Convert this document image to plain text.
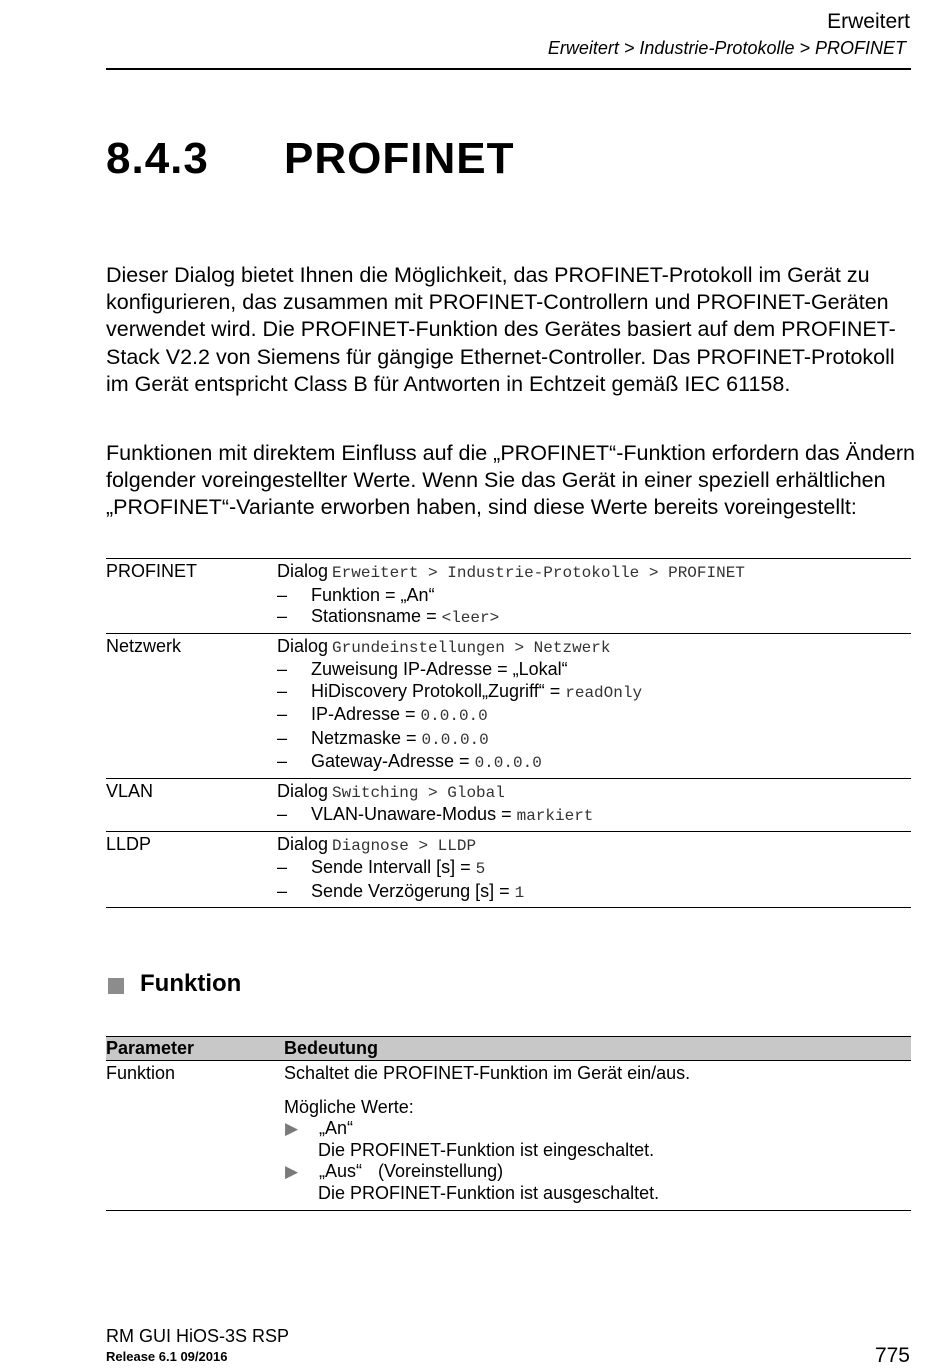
Erweitert
Erweitert > Industrie-Protokolle > PROFINET
8.4.3 PROFINET

Dieser Dialog bietet Ihnen die Möglichkeit, das PROFINET-Protokoll im Gerät zu konfigurieren, das zusammen mit PROFINET-Controllern und PROFINET-Geräten verwendet wird. Die PROFINET-Funktion des Gerätes basiert auf dem PROFINET-Stack V2.2 von Siemens für gängige Ethernet-Controller. Das PROFINET-Protokoll im Gerät entspricht Class B für Antworten in Echtzeit gemäß IEC 61158.

Funktionen mit direktem Einfluss auf die „PROFINET“-Funktion erfordern das Ändern folgender voreingestellter Werte. Wenn Sie das Gerät in einer speziell erhältlichen „PROFINET“-Variante erworben haben, sind diese Werte bereits voreingestellt:

PROFINET	Dialog Erweitert > Industrie-Protokolle > PROFINET
–	Funktion = „An“
–	Stationsname = <leer>
Netzwerk	Dialog Grundeinstellungen > Netzwerk
–	Zuweisung IP-Adresse = „Lokal“
–	HiDiscovery Protokoll„Zugriff“ = readOnly
–	IP-Adresse = 0.0.0.0
–	Netzmaske = 0.0.0.0
–	Gateway-Adresse = 0.0.0.0
VLAN	Dialog Switching > Global
–	VLAN-Unaware-Modus = markiert
LLDP	Dialog Diagnose > LLDP
–	Sende Intervall [s] = 5
–	Sende Verzögerung [s] = 1
Funktion
Parameter	Bedeutung
Funktion	Schaltet die PROFINET-Funktion im Gerät ein/aus.
Mögliche Werte:
▶	„An“
Die PROFINET-Funktion ist eingeschaltet.
▶	„Aus“ (Voreinstellung)
Die PROFINET-Funktion ist ausgeschaltet.
RM GUI HiOS-3S RSP
Release 6.1 09/2016	775
